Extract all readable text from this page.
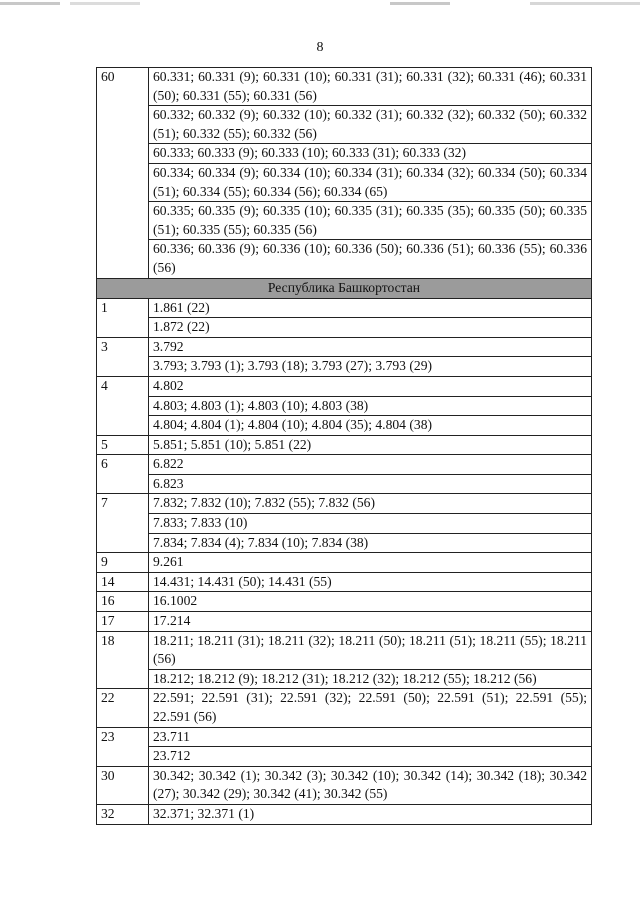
8
60	60.331; 60.331 (9); 60.331 (10); 60.331 (31); 60.331 (32); 60.331 (46); 60.331 (50); 60.331 (55); 60.331 (56)
	60.332; 60.332 (9); 60.332 (10); 60.332 (31); 60.332 (32); 60.332 (50); 60.332 (51); 60.332 (55); 60.332 (56)
	60.333; 60.333 (9); 60.333 (10); 60.333 (31); 60.333 (32)
	60.334; 60.334 (9); 60.334 (10); 60.334 (31); 60.334 (32); 60.334 (50); 60.334 (51); 60.334 (55); 60.334 (56); 60.334 (65)
	60.335; 60.335 (9); 60.335 (10); 60.335 (31); 60.335 (35); 60.335 (50); 60.335 (51); 60.335 (55); 60.335 (56)
	60.336; 60.336 (9); 60.336 (10); 60.336 (50); 60.336 (51); 60.336 (55); 60.336 (56)
Республика Башкортостан	
1	1.861 (22)
	1.872 (22)
3	3.792
	3.793; 3.793 (1); 3.793 (18); 3.793 (27); 3.793 (29)
4	4.802
	4.803; 4.803 (1); 4.803 (10); 4.803 (38)
	4.804; 4.804 (1); 4.804 (10); 4.804 (35); 4.804 (38)
5	5.851; 5.851 (10); 5.851 (22)
6	6.822
	6.823
7	7.832; 7.832 (10); 7.832 (55); 7.832 (56)
	7.833; 7.833 (10)
	7.834; 7.834 (4); 7.834 (10); 7.834 (38)
9	9.261
14	14.431; 14.431 (50); 14.431 (55)
16	16.1002
17	17.214
18	18.211; 18.211 (31); 18.211 (32); 18.211 (50); 18.211 (51); 18.211 (55); 18.211 (56)
	18.212; 18.212 (9); 18.212 (31); 18.212 (32); 18.212 (55); 18.212 (56)
22	22.591; 22.591 (31); 22.591 (32); 22.591 (50); 22.591 (51); 22.591 (55); 22.591 (56)
23	23.711
	23.712
30	30.342; 30.342 (1); 30.342 (3); 30.342 (10); 30.342 (14); 30.342 (18); 30.342 (27); 30.342 (29); 30.342 (41); 30.342 (55)
32	32.371; 32.371 (1)
